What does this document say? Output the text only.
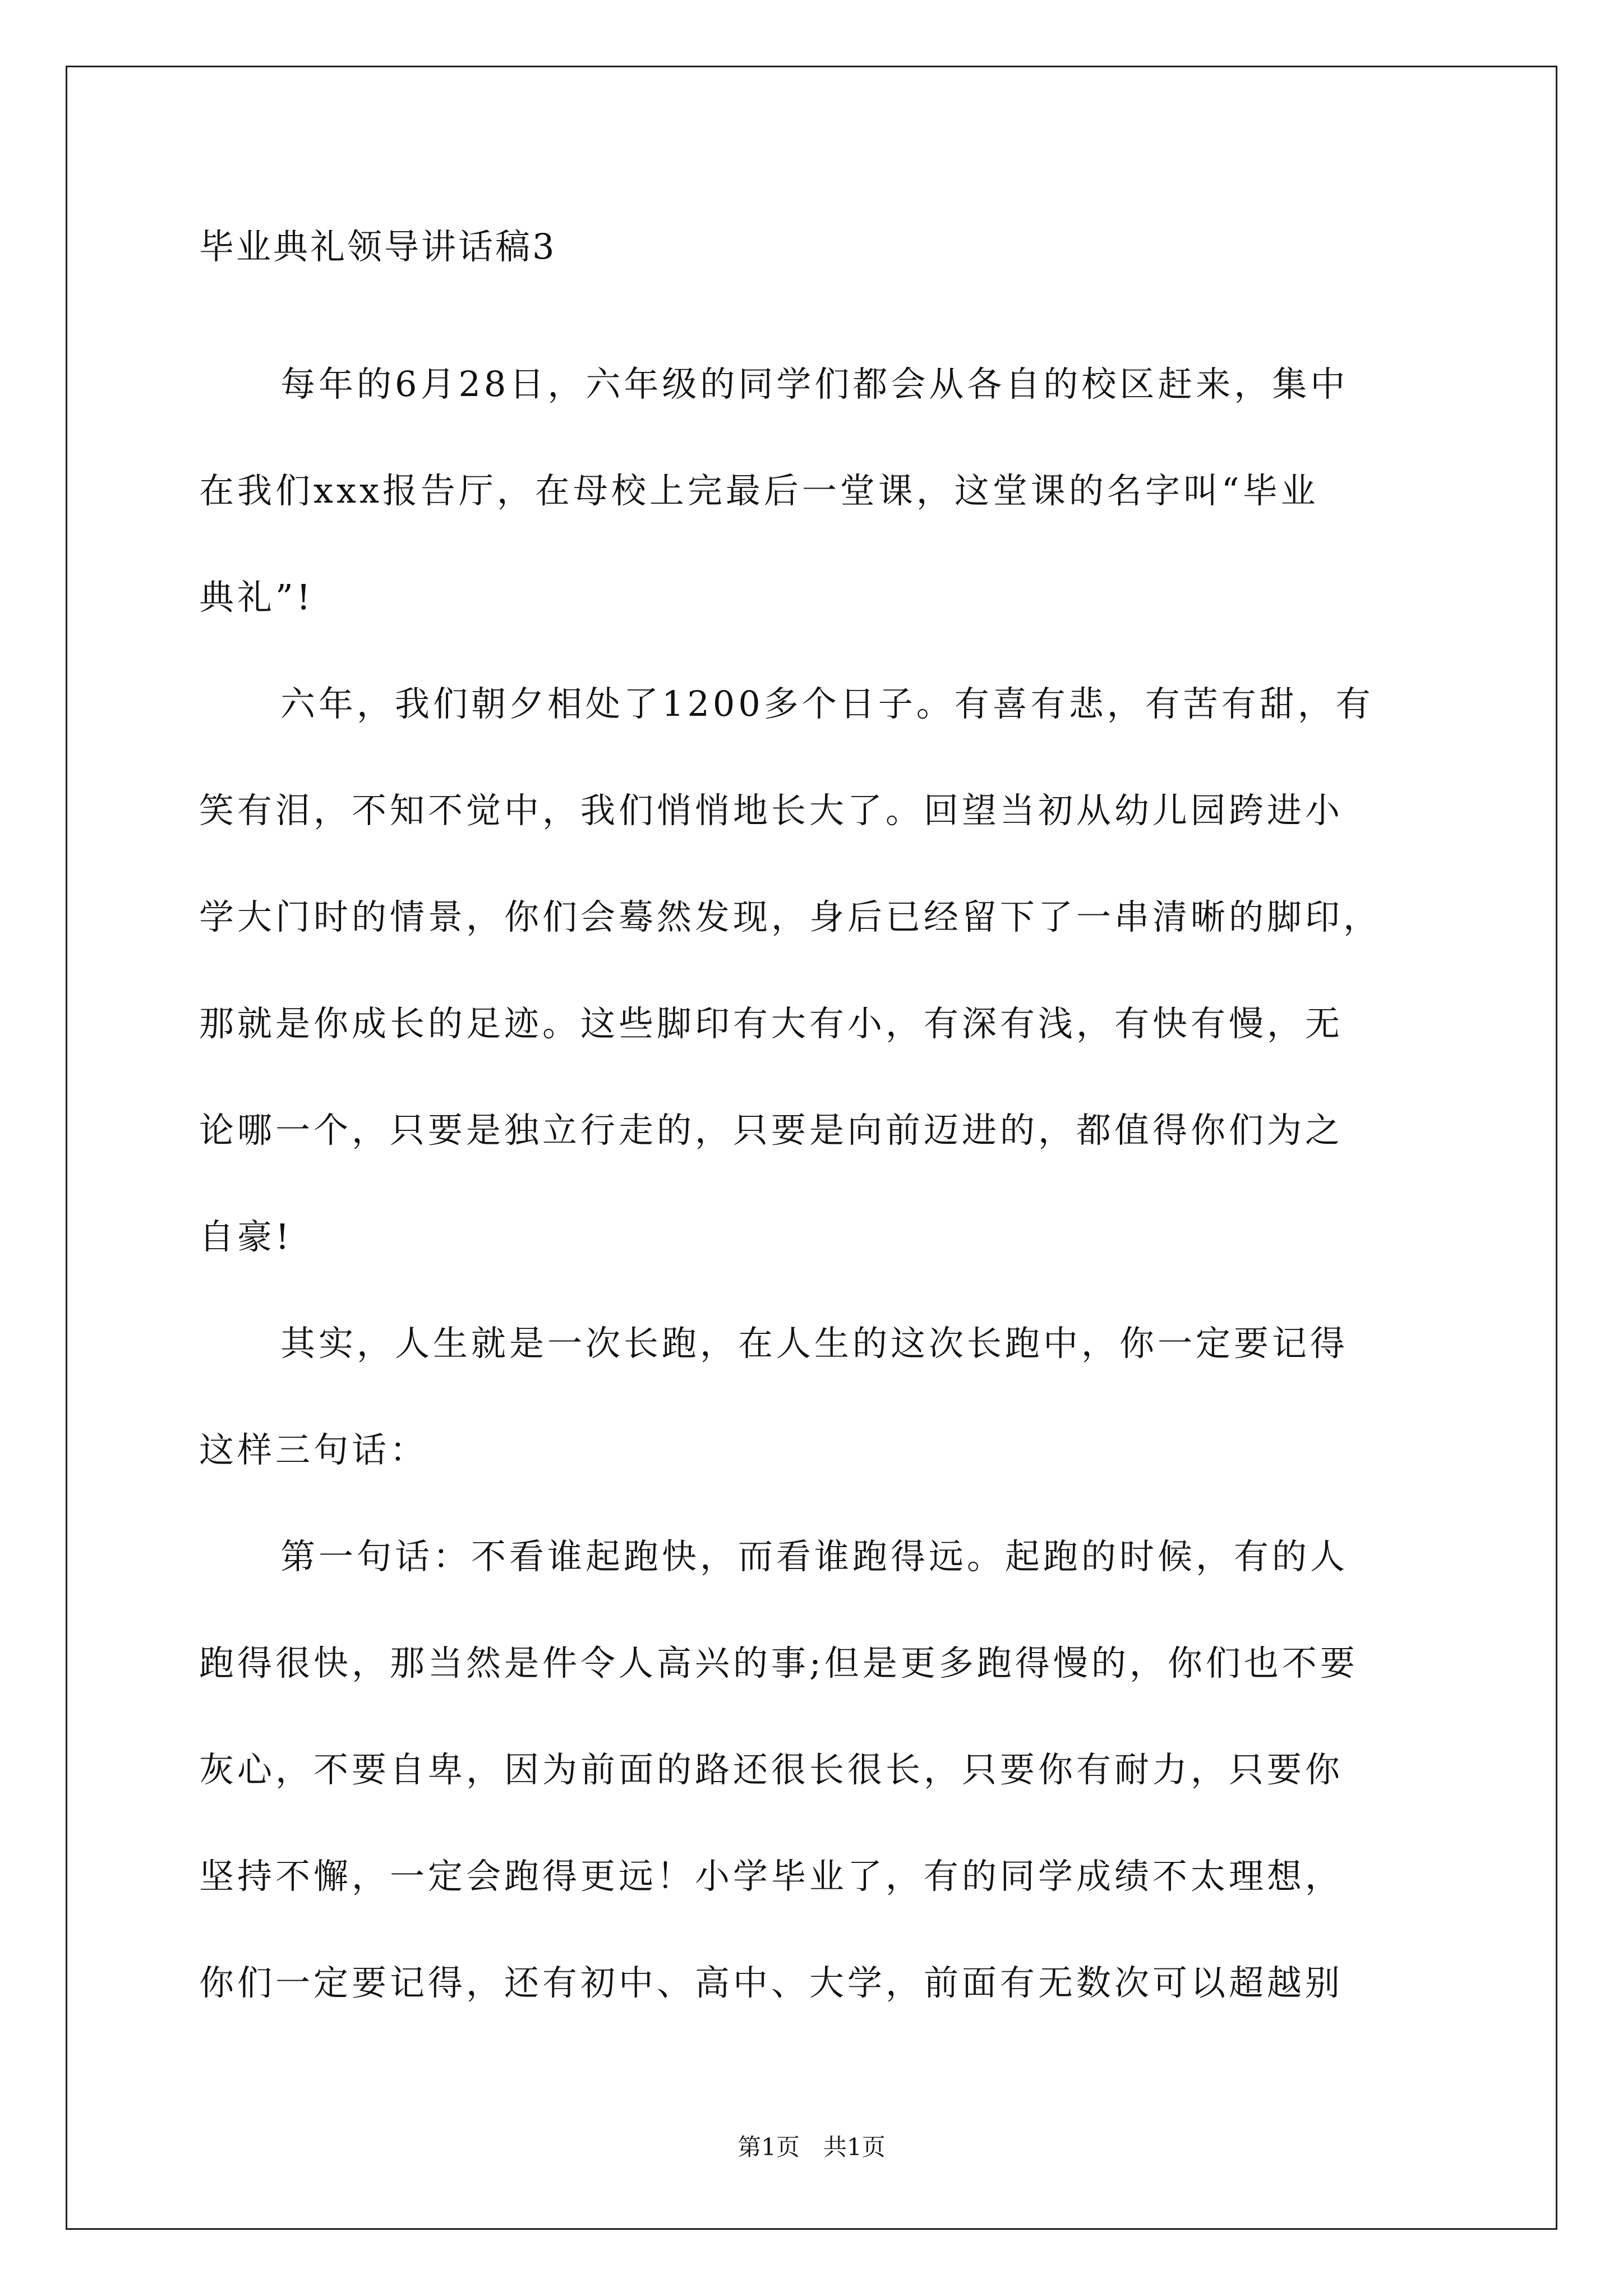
毕业典礼领导讲话稿3
每年的6月28日，六年级的同学们都会从各自的校区赶来，集中
在我们xxx报告厅，在母校上完最后一堂课，这堂课的名字叫“毕业
典礼”!
六年，我们朝夕相处了1200多个日子。有喜有悲，有苦有甜，有
笑有泪，不知不觉中，我们悄悄地长大了。回望当初从幼儿园跨进小
学大门时的情景，你们会蓦然发现，身后已经留下了一串清晰的脚印，
那就是你成长的足迹。这些脚印有大有小，有深有浅，有快有慢，无
论哪一个，只要是独立行走的，只要是向前迈进的，都值得你们为之
自豪!
其实，人生就是一次长跑，在人生的这次长跑中，你一定要记得
这样三句话：
第一句话：不看谁起跑快，而看谁跑得远。起跑的时候，有的人
跑得很快，那当然是件令人高兴的事;但是更多跑得慢的，你们也不要
灰心，不要自卑，因为前面的路还很长很长，只要你有耐力，只要你
坚持不懈，一定会跑得更远！小学毕业了，有的同学成绩不太理想，
你们一定要记得，还有初中、高中、大学，前面有无数次可以超越别
第1页　共1页
